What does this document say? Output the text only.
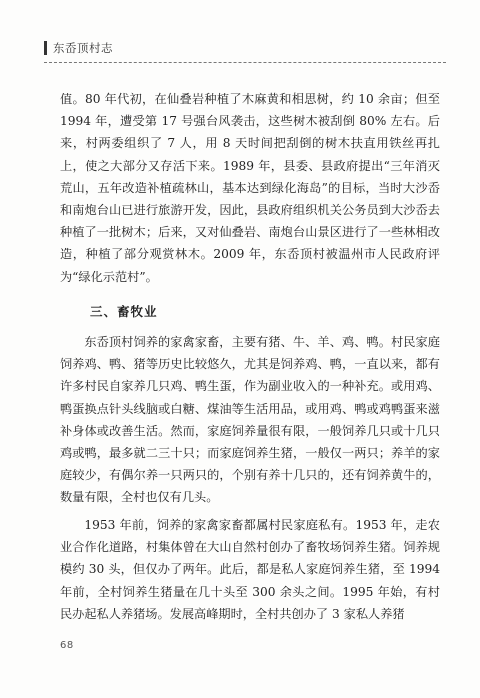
东岙顶村志

值。80 年代初，在仙叠岩种植了木麻黄和相思树，约 10 余亩；但至 1994 年，遭受第 17 号强台风袭击，这些树木被刮倒 80% 左右。后来，村两委组织了 7 人，用 8 天时间把刮倒的树木扶直用铁丝再扎上，使之大部分又存活下来。1989 年，县委、县政府提出“三年消灭荒山，五年改造补植疏林山，基本达到绿化海岛”的目标，当时大沙岙和南炮台山已进行旅游开发，因此，县政府组织机关公务员到大沙岙去种植了一批树木；后来，又对仙叠岩、南炮台山景区进行了一些林相改造，种植了部分观赏林木。2009 年，东岙顶村被温州市人民政府评为“绿化示范村”。

三、畜牧业

东岙顶村饲养的家禽家畜，主要有猪、牛、羊、鸡、鸭。村民家庭饲养鸡、鸭、猪等历史比较悠久，尤其是饲养鸡、鸭，一直以来，都有许多村民自家养几只鸡、鸭生蛋，作为副业收入的一种补充。或用鸡、鸭蛋换点针头线脑或白糖、煤油等生活用品，或用鸡、鸭或鸡鸭蛋来滋补身体或改善生活。然而，家庭饲养量很有限，一般饲养几只或十几只鸡或鸭，最多就二三十只；而家庭饲养生猪，一般仅一两只；养羊的家庭较少，有偶尔养一只两只的，个别有养十几只的，还有饲养黄牛的，数量有限，全村也仅有几头。

1953 年前，饲养的家禽家畜都属村民家庭私有。1953 年，走农业合作化道路，村集体曾在大山自然村创办了畜牧场饲养生猪。饲养规模约 30 头，但仅办了两年。此后，都是私人家庭饲养生猪，至 1994 年前，全村饲养生猪量在几十头至 300 余头之间。1995 年始，有村民办起私人养猪场。发展高峰期时，全村共创办了 3 家私人养猪

68
